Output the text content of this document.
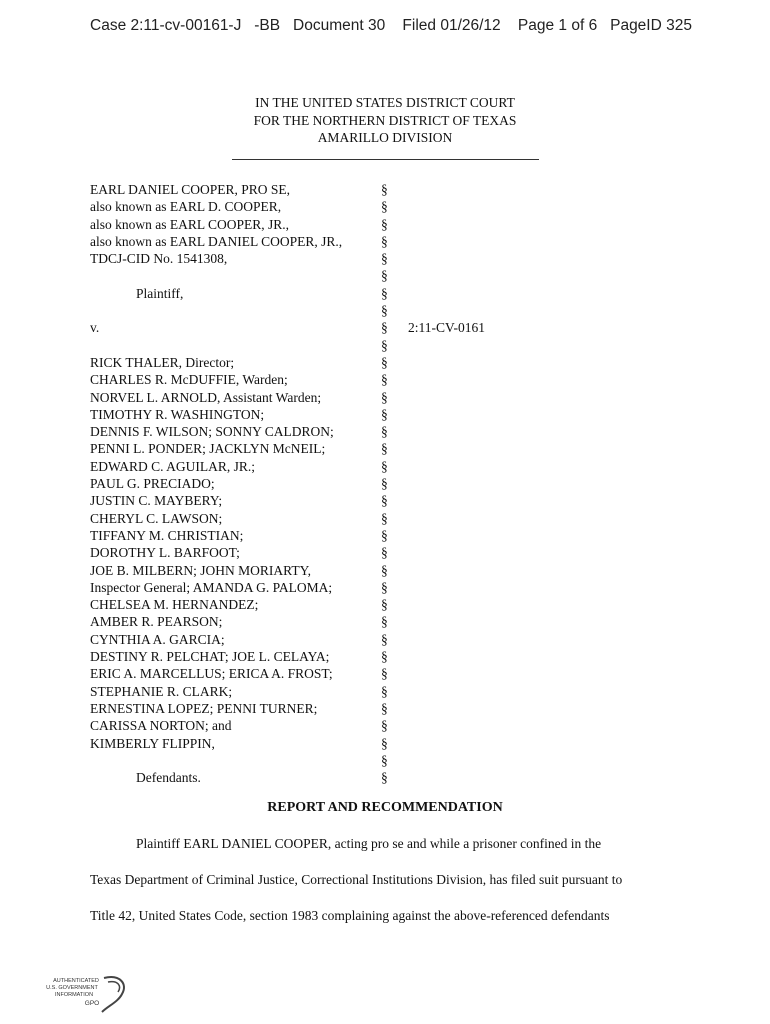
Case 2:11-cv-00161-J   -BB   Document 30    Filed 01/26/12    Page 1 of 6   PageID 325
IN THE UNITED STATES DISTRICT COURT
FOR THE NORTHERN DISTRICT OF TEXAS
AMARILLO DIVISION
EARL DANIEL COOPER, PRO SE,
also known as EARL D. COOPER,
also known as EARL COOPER, JR.,
also known as EARL DANIEL COOPER, JR.,
TDCJ-CID No. 1541308,
Plaintiff,
v.
RICK THALER, Director;
CHARLES R. McDUFFIE, Warden;
NORVEL L. ARNOLD, Assistant Warden;
TIMOTHY R. WASHINGTON;
DENNIS F. WILSON; SONNY CALDRON;
PENNI L. PONDER; JACKLYN McNEIL;
EDWARD C. AGUILAR, JR.;
PAUL G. PRECIADO;
JUSTIN C. MAYBERY;
CHERYL C. LAWSON;
TIFFANY M. CHRISTIAN;
DOROTHY L. BARFOOT;
JOE B. MILBERN; JOHN MORIARTY,
Inspector General; AMANDA G. PALOMA;
CHELSEA M. HERNANDEZ;
AMBER R. PEARSON;
CYNTHIA A. GARCIA;
DESTINY R. PELCHAT; JOE L. CELAYA;
ERIC A. MARCELLUS; ERICA A. FROST;
STEPHANIE R. CLARK;
ERNESTINA LOPEZ; PENNI TURNER;
CARISSA NORTON; and
KIMBERLY FLIPPIN,
Defendants.
§
§
§
§
§
§
§
§
§
§
§
§
§
§
§
§
§
§
§
§
§
§
§
§
§
§
§
§
§
§
§
§
§
§
§
2:11-CV-0161
REPORT AND RECOMMENDATION
Plaintiff EARL DANIEL COOPER, acting pro se and while a prisoner confined in the
Texas Department of Criminal Justice, Correctional Institutions Division, has filed suit pursuant to
Title 42, United States Code, section 1983 complaining against the above-referenced defendants
AUTHENTICATED
U.S. GOVERNMENT
INFORMATION
GPO
